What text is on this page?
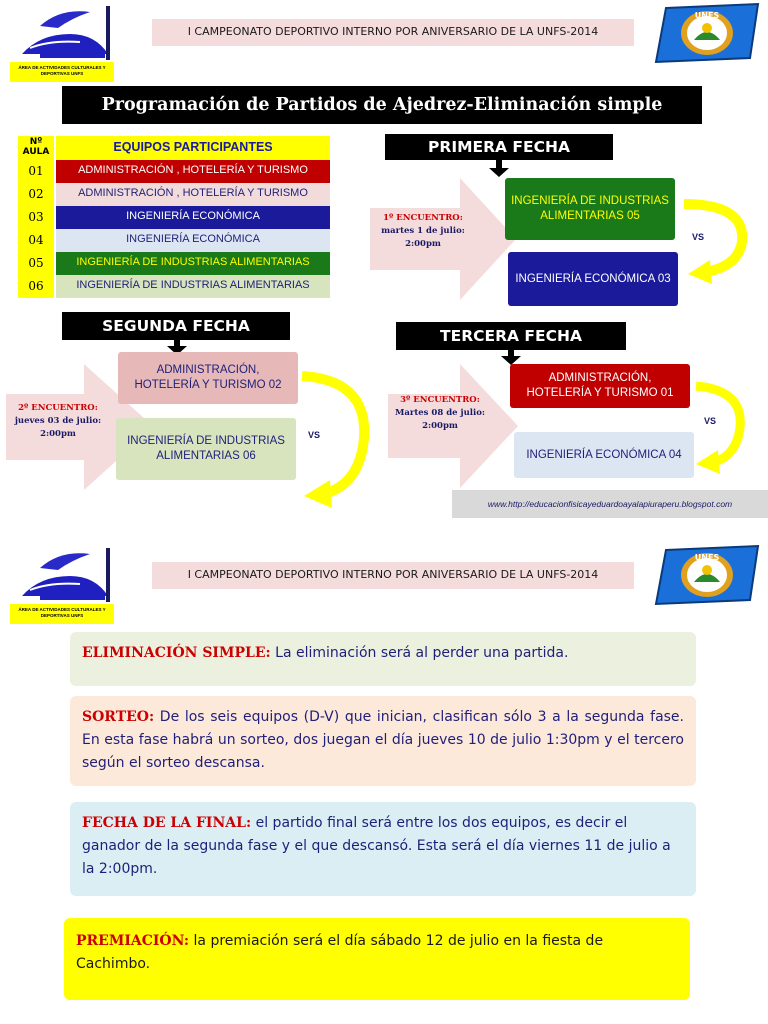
ÁREA DE ACTIVIDADES CULTURALES Y DEPORTIVAS UNFS
I CAMPEONATO DEPORTIVO INTERNO POR ANIVERSARIO DE LA UNFS-2014
UNFS
Programación de Partidos de Ajedrez-Eliminación simple
Nº AULA	EQUIPOS PARTICIPANTES
01	ADMINISTRACIÓN , HOTELERÍA Y TURISMO
02	ADMINISTRACIÓN , HOTELERÍA Y TURISMO
03	INGENIERÍA ECONÓMICA
04	INGENIERÍA ECONÓMICA
05	INGENIERÍA DE INDUSTRIAS ALIMENTARIAS
06	INGENIERÍA DE INDUSTRIAS ALIMENTARIAS
PRIMERA FECHA
1º ENCUENTRO:
martes 1 de julio: 2:00pm
INGENIERÍA DE INDUSTRIAS ALIMENTARIAS 05
INGENIERÍA ECONÓMICA 03
VS
SEGUNDA FECHA
2º ENCUENTRO:
jueves 03 de julio: 2:00pm
ADMINISTRACIÓN, HOTELERÍA Y TURISMO 02
INGENIERÍA DE INDUSTRIAS ALIMENTARIAS 06
VS
TERCERA FECHA
3º ENCUENTRO:
Martes 08 de julio: 2:00pm
ADMINISTRACIÓN, HOTELERÍA Y TURISMO 01
INGENIERÍA ECONÓMICA 04
VS
www.http://educacionfisicayeduardoayalapiuraperu.blogspot.com
ÁREA DE ACTIVIDADES CULTURALES Y DEPORTIVAS UNFS
I CAMPEONATO DEPORTIVO INTERNO POR ANIVERSARIO DE LA UNFS-2014
UNFS
ELIMINACIÓN SIMPLE: La eliminación será al perder una partida.
SORTEO: De los seis equipos (D-V) que inician, clasifican sólo 3 a la segunda fase. En esta fase habrá un sorteo, dos juegan el día jueves 10 de julio 1:30pm y el tercero según el sorteo descansa.
FECHA DE LA FINAL: el partido final será entre los dos equipos, es decir el ganador de la segunda fase y el que descansó. Esta será el día viernes 11 de julio a la 2:00pm.
PREMIACIÓN: la premiación será el día sábado 12 de julio en la fiesta de Cachimbo.
